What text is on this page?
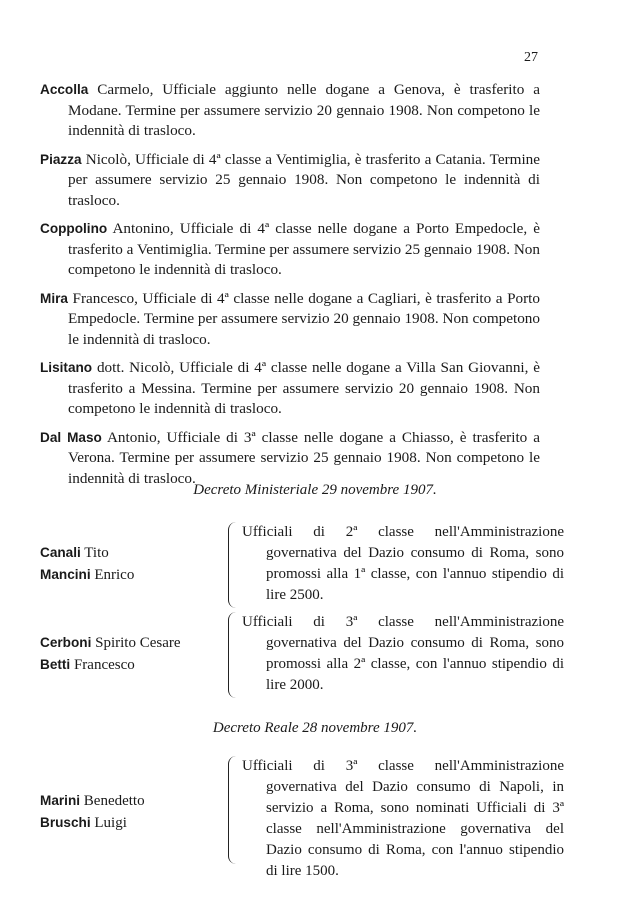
27

Accolla Carmelo, Ufficiale aggiunto nelle dogane a Genova, è trasferito a Modane. Termine per assumere servizio 20 gennaio 1908. Non competono le indennità di trasloco.

Piazza Nicolò, Ufficiale di 4ª classe a Ventimiglia, è trasferito a Catania. Termine per assumere servizio 25 gennaio 1908. Non competono le indennità di trasloco.

Coppolino Antonino, Ufficiale di 4ª classe nelle dogane a Porto Empedocle, è trasferito a Ventimiglia. Termine per assumere servizio 25 gennaio 1908. Non competono le indennità di trasloco.

Mira Francesco, Ufficiale di 4ª classe nelle dogane a Cagliari, è trasferito a Porto Empedocle. Termine per assumere servizio 20 gennaio 1908. Non competono le indennità di trasloco.

Lisitano dott. Nicolò, Ufficiale di 4ª classe nelle dogane a Villa San Giovanni, è trasferito a Messina. Termine per assumere servizio 20 gennaio 1908. Non competono le indennità di trasloco.

Dal Maso Antonio, Ufficiale di 3ª classe nelle dogane a Chiasso, è trasferito a Verona. Termine per assumere servizio 25 gennaio 1908. Non competono le indennità di trasloco.

Decreto Ministeriale 29 novembre 1907.
Canali Tito
Mancini Enrico
Ufficiali di 2ª classe nell'Amministrazione governativa del Dazio consumo di Roma, sono promossi alla 1ª classe, con l'annuo stipendio di lire 2500.
Cerboni Spirito Cesare
Betti Francesco
Ufficiali di 3ª classe nell'Amministrazione governativa del Dazio consumo di Roma, sono promossi alla 2ª classe, con l'annuo stipendio di lire 2000.
Decreto Reale 28 novembre 1907.
Marini Benedetto
Bruschi Luigi
Ufficiali di 3ª classe nell'Amministrazione governativa del Dazio consumo di Napoli, in servizio a Roma, sono nominati Ufficiali di 3ª classe nell'Amministrazione governativa del Dazio consumo di Roma, con l'annuo stipendio di lire 1500.
